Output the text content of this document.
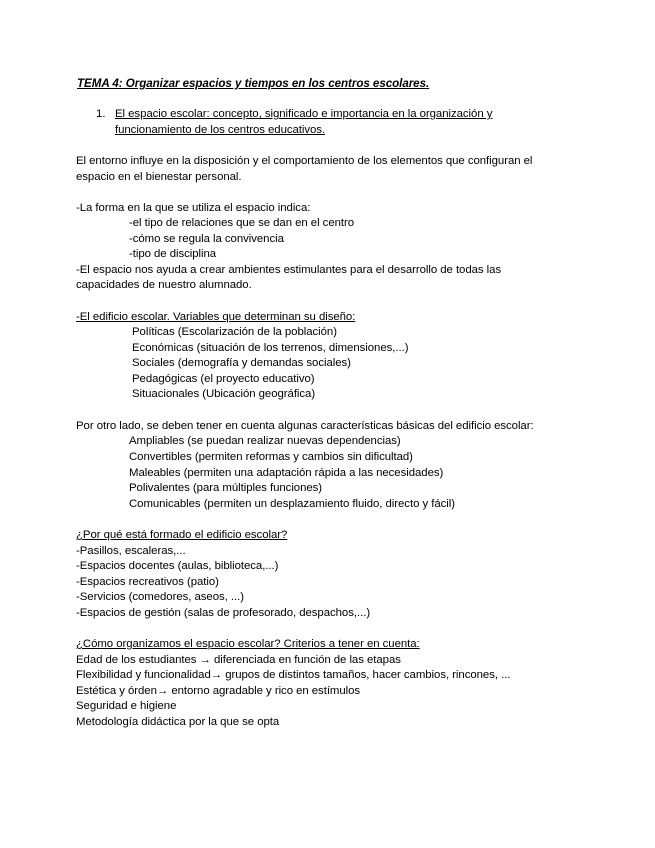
TEMA 4: Organizar espacios y tiempos en los centros escolares.
1. El espacio escolar: concepto, significado e importancia en la organización y
funcionamiento de los centros educativos.
El entorno influye en la disposición y el comportamiento de los elementos que configuran el
espacio en el bienestar personal.
-La forma en la que se utiliza el espacio indica:
-el tipo de relaciones que se dan en el centro
-cómo se regula la convivencia
-tipo de disciplina
-El espacio nos ayuda a crear ambientes estimulantes para el desarrollo de todas las
capacidades de nuestro alumnado.
-El edificio escolar. Variables que determinan su diseño:
Políticas (Escolarización de la población)
Económicas (situación de los terrenos, dimensiones,...)
Sociales (demografía y demandas sociales)
Pedagógicas (el proyecto educativo)
Situacionales (Ubicación geográfica)
Por otro lado, se deben tener en cuenta algunas características básicas del edificio escolar:
Ampliables (se puedan realizar nuevas dependencias)
Convertibles (permiten reformas y cambios sin dificultad)
Maleables (permiten una adaptación rápida a las necesidades)
Polivalentes (para múltiples funciones)
Comunicables (permiten un desplazamiento fluido, directo y fácil)
¿Por qué está formado el edificio escolar?
-Pasillos, escaleras,...
-Espacios docentes (aulas, biblioteca,...)
-Espacios recreativos (patio)
-Servicios (comedores, aseos, ...)
-Espacios de gestión (salas de profesorado, despachos,...)
¿Cómo organizamos el espacio escolar? Criterios a tener en cuenta:
Edad de los estudiantes → diferenciada en función de las etapas
Flexibilidad y funcionalidad→ grupos de distintos tamaños, hacer cambios, rincones, ...
Estética y órden→ entorno agradable y rico en estímulos
Seguridad e higiene
Metodología didáctica por la que se opta
